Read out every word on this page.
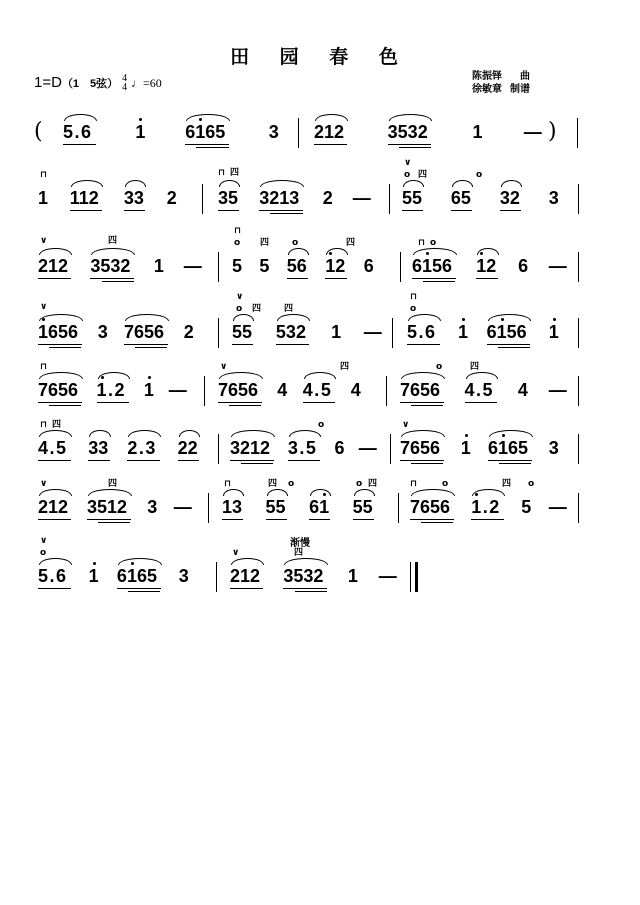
田 园 春 色
1=D（1　5弦） 4
4 ♩=60	陈振铎 曲
徐敏章 制谱
渐慢
5.6 1 61
65 3 212 3532 1 —
(	)
1 112 33 2 35 3213 2 — 55 65 32 3
⊓	⊓ 四
∨
o 四	o
212 3532 1 — 5 5 56 1
2 6 61
56 1
2 6 —
∨	四
⊓
o 四	o	四	⊓ o
1
656 3 7656 2 55 532 1 — 5.6 1 61
56 1
∨
∨
o 四	四
⊓
o
7656 1
.2 1 — 7656 4 4.5 4 7656 4.5 4 —
⊓	∨	四	o	四
4.5 33 2.3 22 3212 3.5 6 — 7656 1 61
65 3
⊓ 四	o	∨
212 3512 3 — 13 55 61 55 7656 1
.2 5 —
∨	四	⊓	四 o	o 四	⊓	o	四 o
5.6 1 61
65 3 212 3532 1 —
∨
o	∨	四
